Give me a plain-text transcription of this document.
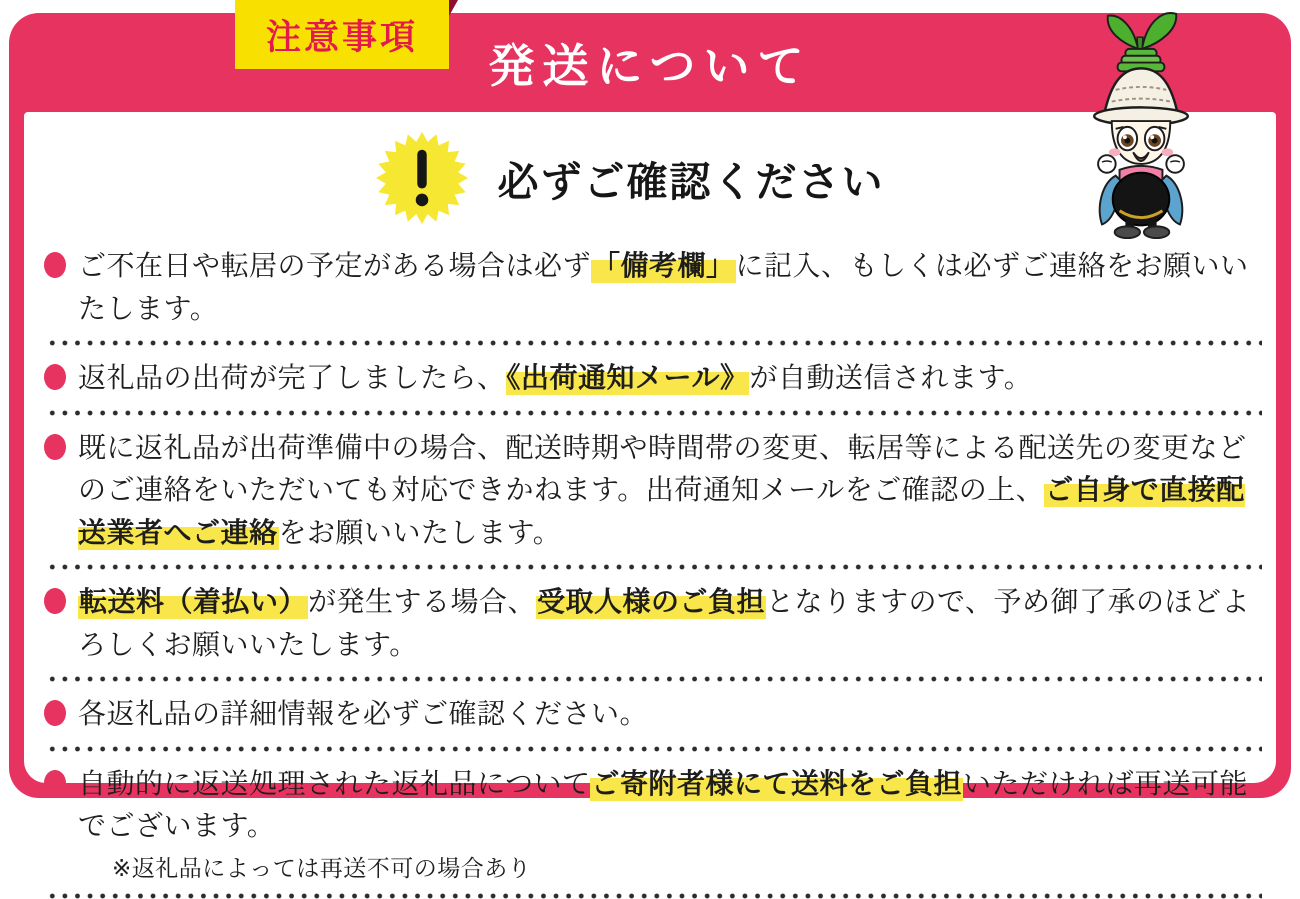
注意事項
発送について
必ずご確認ください

ご不在日や転居の予定がある場合は必ず「備考欄」に記入、もしくは必ずご連絡をお願いいたします。

返礼品の出荷が完了しましたら、《出荷通知メール》が自動送信されます。

既に返礼品が出荷準備中の場合、配送時期や時間帯の変更、転居等による配送先の変更などのご連絡をいただいても対応できかねます。出荷通知メールをご確認の上、ご自身で直接配送業者へご連絡をお願いいたします。

転送料（着払い）が発生する場合、受取人様のご負担となりますので、予め御了承のほどよろしくお願いいたします。

各返礼品の詳細情報を必ずご確認ください。

自動的に返送処理された返礼品についてご寄附者様にて送料をご負担いただければ再送可能でございます。

※返礼品によっては再送不可の場合あり
